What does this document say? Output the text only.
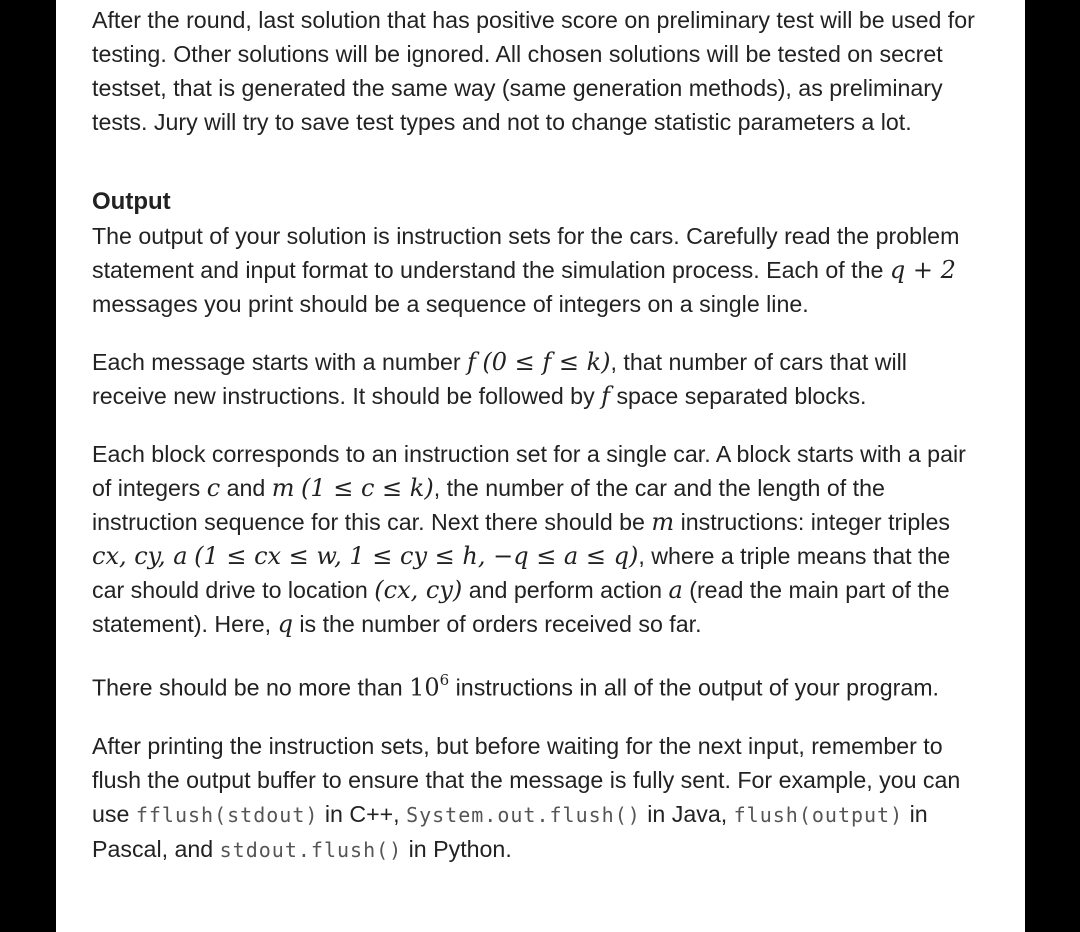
After the round, last solution that has positive score on preliminary test will be used for testing. Other solutions will be ignored. All chosen solutions will be tested on secret testset, that is generated the same way (same generation methods), as preliminary tests. Jury will try to save test types and not to change statistic parameters a lot.

Output

The output of your solution is instruction sets for the cars. Carefully read the problem statement and input format to understand the simulation process. Each of the q + 2 messages you print should be a sequence of integers on a single line.

Each message starts with a number f (0 ≤ f ≤ k), that number of cars that will receive new instructions. It should be followed by f space separated blocks.

Each block corresponds to an instruction set for a single car. A block starts with a pair of integers c and m (1 ≤ c ≤ k), the number of the car and the length of the instruction sequence for this car. Next there should be m instructions: integer triples cx, cy, a (1 ≤ cx ≤ w, 1 ≤ cy ≤ h, −q ≤ a ≤ q), where a triple means that the car should drive to location (cx, cy) and perform action a (read the main part of the statement). Here, q is the number of orders received so far.

There should be no more than $10^6$ instructions in all of the output of your program.

After printing the instruction sets, but before waiting for the next input, remember to flush the output buffer to ensure that the message is fully sent. For example, you can use fflush(stdout) in C++, System.out.flush() in Java, flush(output) in Pascal, and stdout.flush() in Python.
